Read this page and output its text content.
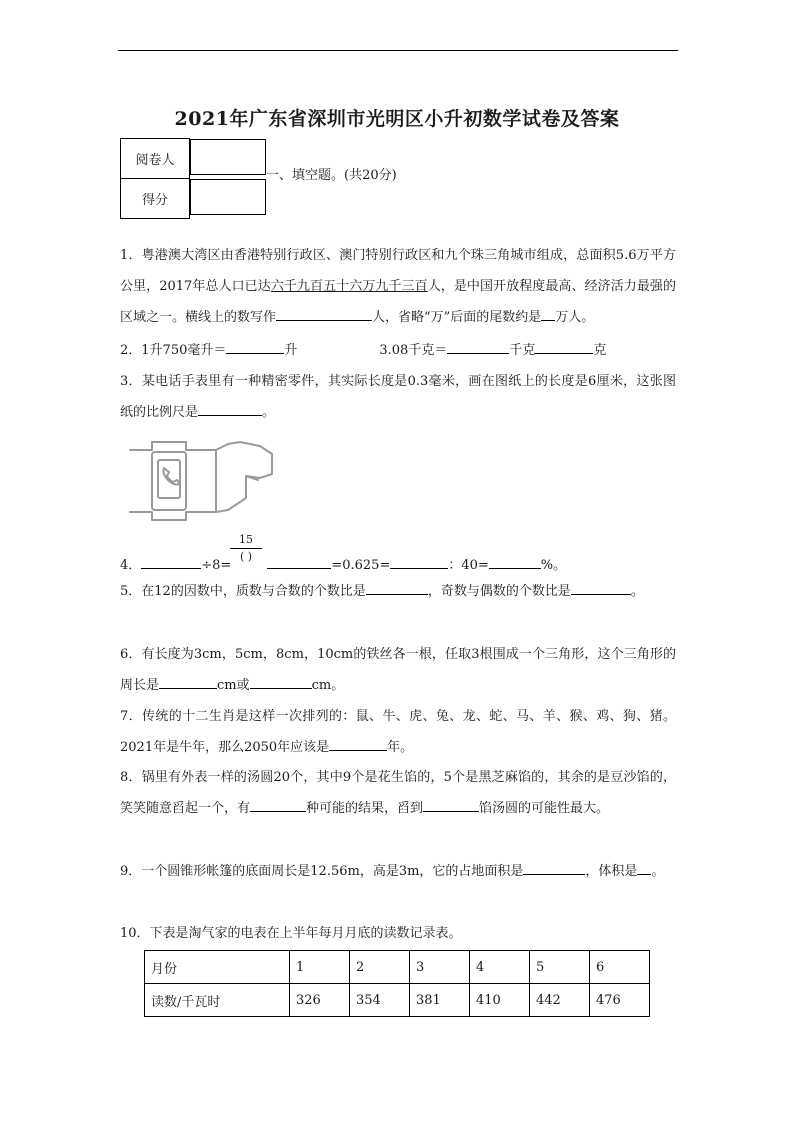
2021年广东省深圳市光明区小升初数学试卷及答案
阅卷人	
得分	
一、填空题。(共20分)
1．粤港澳大湾区由香港特别行政区、澳门特别行政区和九个珠三角城市组成，总面积5.6万平方公里，2017年总人口已达六千九百五十六万九千三百人，是中国开放程度最高、经济活力最强的区域之一。横线上的数写作	人，省略“万”后面的尾数约是 万人。
2．1升750毫升＝	升	3.08千克＝	千克	克
3．某电话手表里有一种精密零件，其实际长度是0.3毫米，画在图纸上的长度是6厘米，这张图纸的比例尺是	。
15
( )
4．	÷8=	=0.625=	：40=	%。
5．在12的因数中，质数与合数的个数比是	，奇数与偶数的个数比是	。
6．有长度为3cm，5cm，8cm，10cm的铁丝各一根，任取3根围成一个三角形，这个三角形的周长是	cm或	cm。
7．传统的十二生肖是这样一次排列的：鼠、牛、虎、兔、龙、蛇、马、羊、猴、鸡、狗、猪。2021年是牛年，那么2050年应该是	年。
8．锅里有外表一样的汤圆20个，其中9个是花生馅的，5个是黑芝麻馅的，其余的是豆沙馅的，笑笑随意舀起一个，有	种可能的结果，舀到	馅汤圆的可能性最大。
9．一个圆锥形帐篷的底面周长是12.56m，高是3m，它的占地面积是	，体积是 。
10．下表是淘气家的电表在上半年每月月底的读数记录表。
月份	1	2	3	4	5	6
读数/千瓦时	326	354	381	410	442	476
